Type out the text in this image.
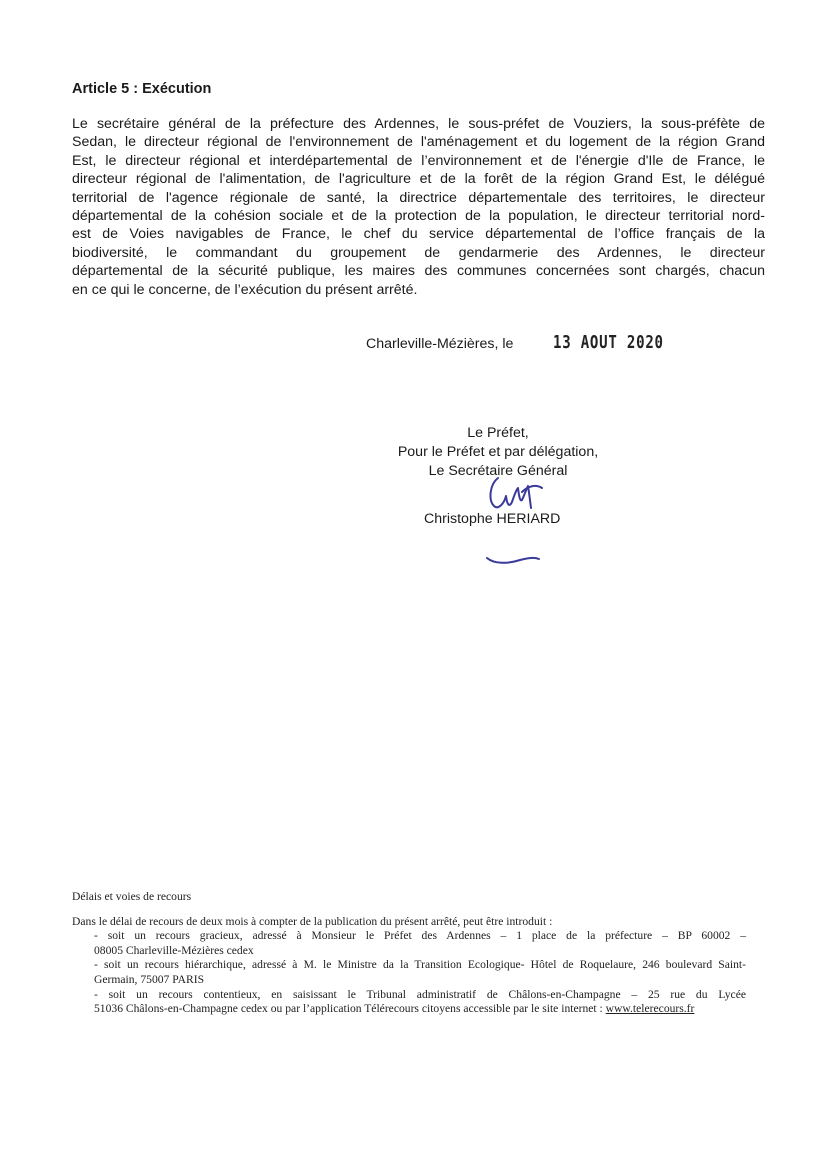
Article 5 : Exécution
Le secrétaire général de la préfecture des Ardennes, le sous-préfet de Vouziers, la sous-préfète de
Sedan, le directeur régional de l'environnement de l'aménagement et du logement de la région Grand
Est, le directeur régional et interdépartemental de l’environnement et de l'énergie d'Ile de France, le
directeur régional de l'alimentation, de l'agriculture et de la forêt de la région Grand Est, le délégué
territorial de l'agence régionale de santé, la directrice départementale des territoires, le directeur
départemental de la cohésion sociale et de la protection de la population, le directeur territorial nord-
est de Voies navigables de France, le chef du service départemental de l’office français de la
biodiversité, le commandant du groupement de gendarmerie des Ardennes, le directeur
départemental de la sécurité publique, les maires des communes concernées sont chargés, chacun
en ce qui le concerne, de l’exécution du présent arrêté.
Charleville-Mézières, le 13 AOUT 2020
Le Préfet,
Pour le Préfet et par délégation,
Le Secrétaire Général
Christophe HERIARD
Délais et voies de recours
Dans le délai de recours de deux mois à compter de la publication du présent arrêté, peut être introduit :
- soit un recours gracieux, adressé à Monsieur le Préfet des Ardennes – 1 place de la préfecture – BP 60002 –
08005 Charleville-Mézières cedex
- soit un recours hiérarchique, adressé à M. le Ministre da la Transition Ecologique- Hôtel de Roquelaure, 246 boulevard Saint-
Germain, 75007 PARIS
- soit un recours contentieux, en saisissant le Tribunal administratif de Châlons-en-Champagne – 25 rue du Lycée
51036 Châlons-en-Champagne cedex ou par l’application Télérecours citoyens accessible par le site internet : www.telerecours.fr
